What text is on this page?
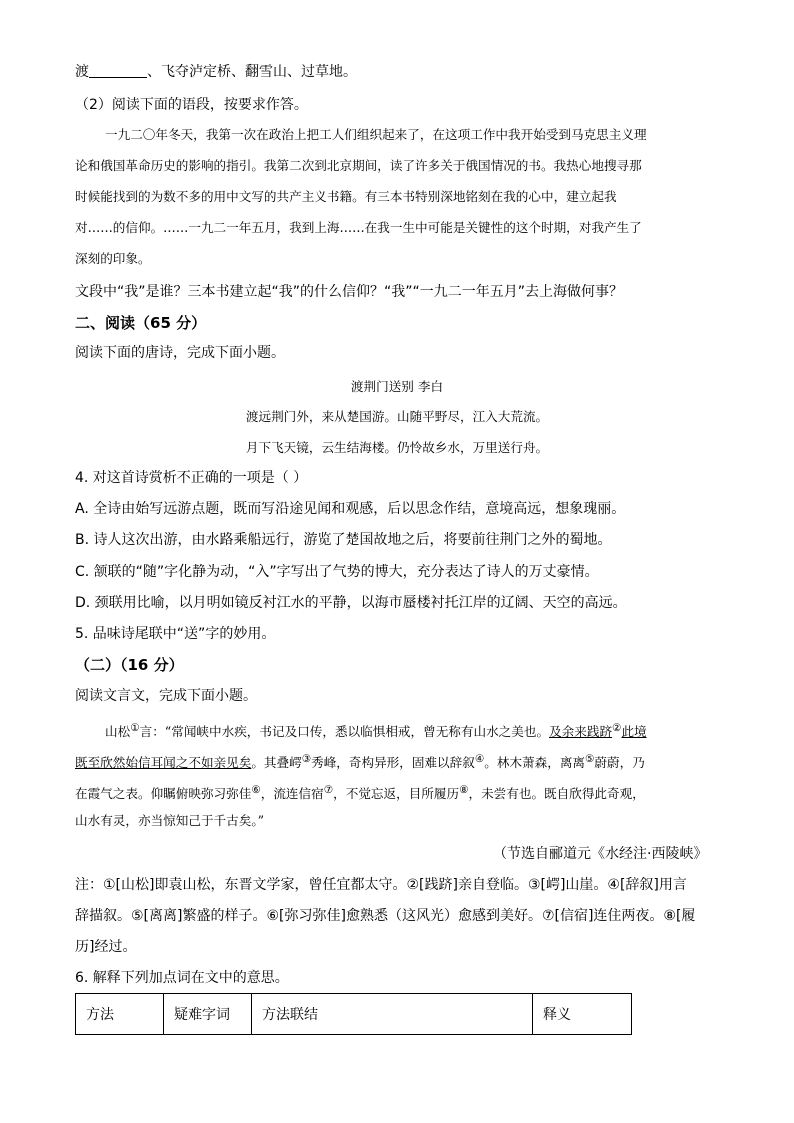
渡	、飞夺泸定桥、翻雪山、过草地。
（2）阅读下面的语段，按要求作答。
一九二〇年冬天，我第一次在政治上把工人们组织起来了，在这项工作中我开始受到马克思主义理
论和俄国革命历史的影响的指引。我第二次到北京期间，读了许多关于俄国情况的书。我热心地搜寻那
时候能找到的为数不多的用中文写的共产主义书籍。有三本书特别深地铭刻在我的心中，建立起我
对……的信仰。……一九二一年五月，我到上海……在我一生中可能是关键性的这个时期，对我产生了
深刻的印象。
文段中“我”是谁？三本书建立起“我”的什么信仰？“我”“一九二一年五月”去上海做何事？
二、阅读（65 分）
阅读下面的唐诗，完成下面小题。
渡荆门送别 李白
渡远荆门外，来从楚国游。山随平野尽，江入大荒流。
月下飞天镜，云生结海楼。仍怜故乡水，万里送行舟。
4. 对这首诗赏析不正确的一项是（ ）
A. 全诗由始写远游点题，既而写沿途见闻和观感，后以思念作结，意境高远，想象瑰丽。
B. 诗人这次出游，由水路乘船远行，游览了楚国故地之后，将要前往荆门之外的蜀地。
C. 颔联的“随”字化静为动，“入”字写出了气势的博大，充分表达了诗人的万丈豪情。
D. 颈联用比喻，以月明如镜反衬江水的平静，以海市蜃楼衬托江岸的辽阔、天空的高远。
5. 品味诗尾联中“送”字的妙用。
（二）（16 分）
阅读文言文，完成下面小题。
山松①言：“常闻峡中水疾，书记及口传，悉以临惧相戒，曾无称有山水之美也。及余来践跻②此境
既至欣然始信耳闻之不如亲见矣。其叠崿③秀峰，奇构异形，固难以辞叙④。林木萧森，离离⑤蔚蔚，乃
在霞气之表。仰瞩俯映弥习弥佳⑥，流连信宿⑦，不觉忘返，目所履历⑧，未尝有也。既自欣得此奇观，
山水有灵，亦当惊知己于千古矣。”
（节选自郦道元《水经注·西陵峡》
注：①[山松]即袁山松，东晋文学家，曾任宜都太守。②[践跻]亲自登临。③[崿]山崖。④[辞叙]用言
辞描叙。⑤[离离]繁盛的样子。⑥[弥习弥佳]愈熟悉（这风光）愈感到美好。⑦[信宿]连住两夜。⑧[履
历]经过。
6. 解释下列加点词在文中的意思。
方法	疑难字词	方法联结	释义
